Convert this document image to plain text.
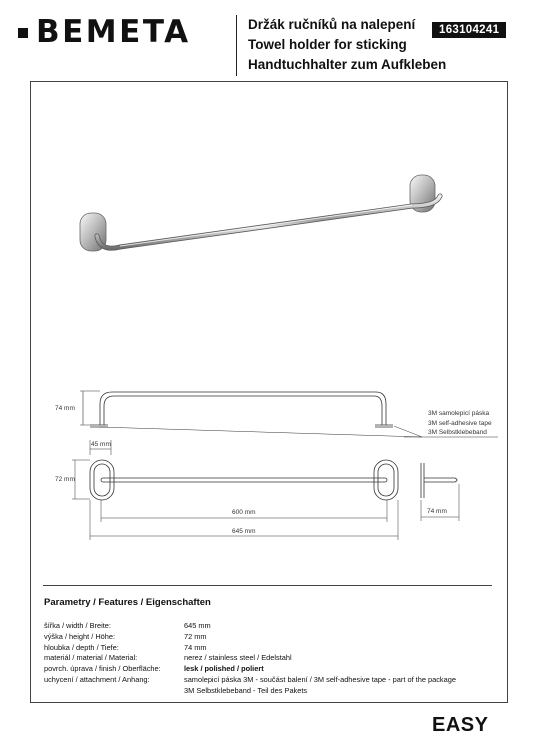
BEMETA	Držák ručníků na nalepení
Towel holder for sticking
Handtuchhalter zum Aufkleben
163104241
74 mm
45 mm
72 mm
600 mm
645 mm
74 mm
3M samolepicí páska
3M self-adhesive tape
3M Selbstklebeband
Parametry / Features / Eigenschaften
šířka / width / Breite:	645 mm
výška / height / Höhe:	72 mm
hloubka / depth / Tiefe:	74 mm
materiál / material / Material:	nerez / stainless steel / Edelstahl
povrch. úprava / finish / Oberfläche:	lesk / polished / poliert
uchycení / attachment / Anhang:	samolepicí páska 3M - součást balení / 3M self-adhesive tape - part of the package
3M Selbstklebeband - Teil des Pakets
EASY
